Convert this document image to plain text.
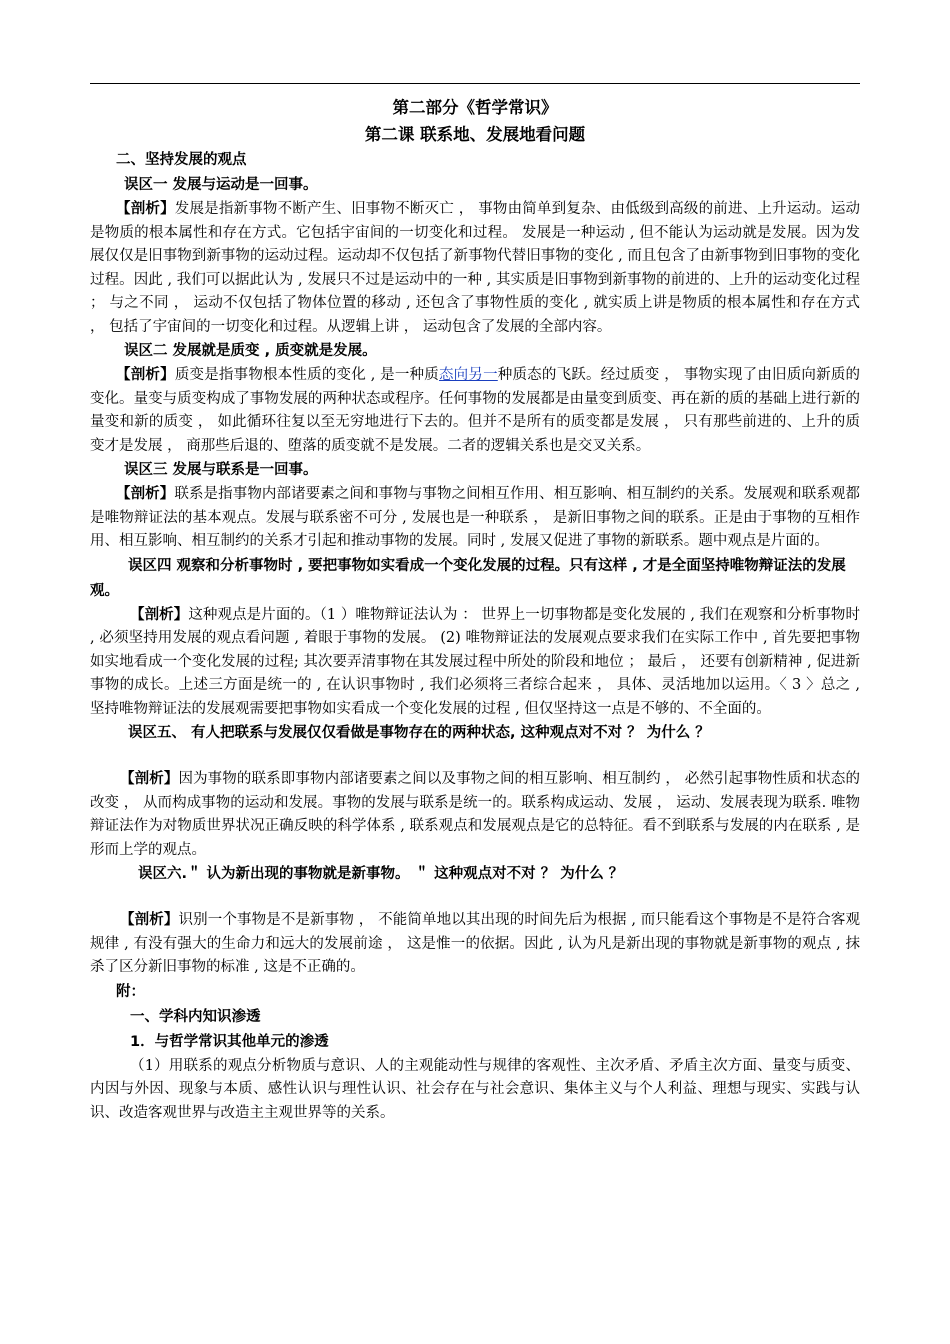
第二部分《哲学常识》
第二课 联系地、发展地看问题
二、坚持发展的观点
误区一 发展与运动是一回事。

【剖析】发展是指新事物不断产生、旧事物不断灭亡 ， 事物由简单到复杂、由低级到高级的前进、上升运动。运动是物质的根本属性和存在方式。它包括宇宙间的一切变化和过程。 发展是一种运动 , 但不能认为运动就是发展。因为发展仅仅是旧事物到新事物的运动过程。运动却不仅包括了新事物代替旧事物的变化 , 而且包含了由新事物到旧事物的变化过程。因此 , 我们可以据此认为 , 发展只不过是运动中的一种 , 其实质是旧事物到新事物的前进的、上升的运动变化过程 ； 与之不同 ， 运动不仅包括了物体位置的移动 , 还包含了事物性质的变化 , 就实质上讲是物质的根本属性和存在方式 ， 包括了宇宙间的一切变化和过程。从逻辑上讲 ， 运动包含了发展的全部内容。

误区二 发展就是质变 , 质变就是发展。

【剖析】质变是指事物根本性质的变化 , 是一种质态向另一种质态的飞跃。经过质变 ， 事物实现了由旧质向新质的变化。量变与质变构成了事物发展的两种状态或程序。任何事物的发展都是由量变到质变、再在新的质的基础上进行新的量变和新的质变 ， 如此循环往复以至无穷地进行下去的。但并不是所有的质变都是发展 ， 只有那些前进的、上升的质变才是发展 ， 商那些后退的、堕落的质变就不是发展。二者的逻辑关系也是交叉关系。

误区三 发展与联系是一回事。

【剖析】联系是指事物内部诸要素之间和事物与事物之间相互作用、相互影响、相互制约的关系。发展观和联系观都是唯物辩证法的基本观点。发展与联系密不可分 , 发展也是一种联系 ， 是新旧事物之间的联系。正是由于事物的互相作用、相互影响、相互制约的关系才引起和推动事物的发展。同时 , 发展又促进了事物的新联系。题中观点是片面的。

误区四 观察和分析事物时 , 要把事物如实看成一个变化发展的过程。只有这样 , 才是全面坚持唯物辩证法的发展观。

【剖析】这种观点是片面的。（1 ）唯物辩证法认为 ： 世界上一切事物都是变化发展的 , 我们在观察和分析事物时 , 必须坚持用发展的观点看问题 , 着眼于事物的发展。 (2) 唯物辩证法的发展观点要求我们在实际工作中 , 首先要把事物如实地看成一个变化发展的过程; 其次要弄清事物在其发展过程中所处的阶段和地位 ； 最后 ， 还要有创新精神 , 促进新事物的成长。上述三方面是统一的 , 在认识事物时 , 我们必须将三者综合起来 ， 具体、灵活地加以运用。〈 3 〉总之 , 坚持唯物辩证法的发展观需要把事物如实看成一个变化发展的过程 , 但仅坚持这一点是不够的、不全面的。

误区五、 有人把联系与发展仅仅看做是事物存在的两种状态, 这种观点对不对 ？ 为什么 ？

【剖析】因为事物的联系即事物内部诸要素之间以及事物之间的相互影响、相互制约 ， 必然引起事物性质和状态的改变 ， 从而构成事物的运动和发展。事物的发展与联系是统一的。联系构成运动、发展 ， 运动、发展表现为联系. 唯物辩证法作为对物质世界状况正确反映的科学体系 , 联系观点和发展观点是它的总特征。看不到联系与发展的内在联系 , 是形而上学的观点。

误区六.＂ 认为新出现的事物就是新事物。 ＂ 这种观点对不对 ？ 为什么 ？

【剖析】识别一个事物是不是新事物 ， 不能简单地以其出现的时间先后为根据 , 而只能看这个事物是不是符合客观规律 , 有没有强大的生命力和远大的发展前途 ， 这是惟一的依据。因此 , 认为凡是新出现的事物就是新事物的观点 , 抹杀了区分新旧事物的标准 , 这是不正确的。

附：
一、学科内知识渗透
1．与哲学常识其他单元的渗透

（1）用联系的观点分析物质与意识、人的主观能动性与规律的客观性、主次矛盾、矛盾主次方面、量变与质变、内因与外因、现象与本质、感性认识与理性认识、社会存在与社会意识、集体主义与个人利益、理想与现实、实践与认识、改造客观世界与改造主主观世界等的关系。
